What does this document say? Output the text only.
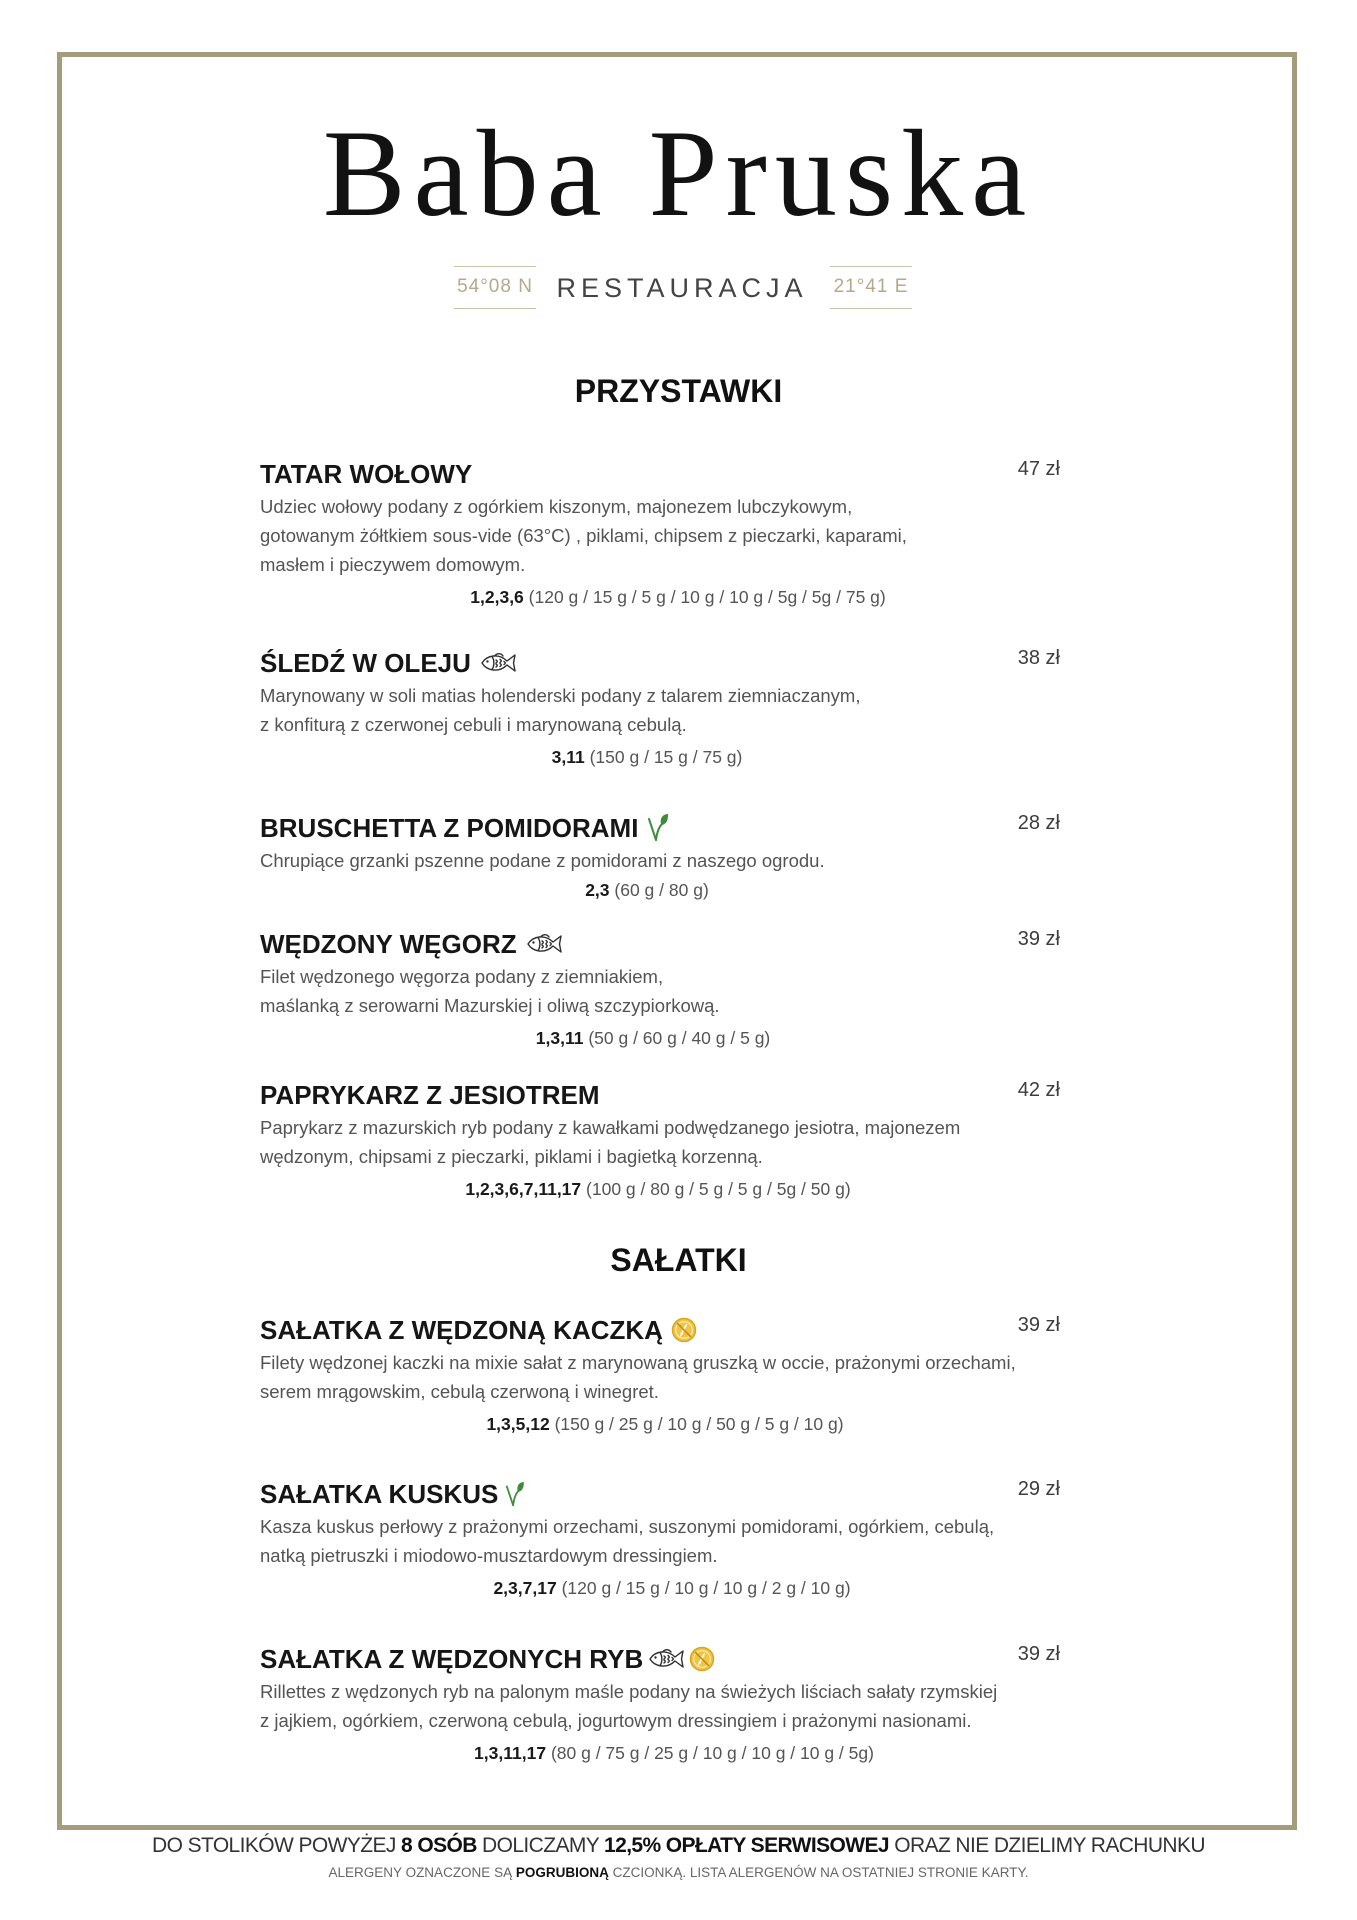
Baba Pruska
54°08 N RESTAURACJA	21°41 E
PRZYSTAWKI
TATAR WOŁOWY	47 zł
Udziec wołowy podany z ogórkiem kiszonym, majonezem lubczykowym,
gotowanym żółtkiem sous-vide (63°C) , piklami, chipsem z pieczarki, kaparami,
masłem i pieczywem domowym.
1,2,3,6 (120 g / 15 g / 5 g / 10 g / 10 g / 5g / 5g / 75 g)
ŚLEDŹ W OLEJU	38 zł
Marynowany w soli matias holenderski podany z talarem ziemniaczanym,
z konfiturą z czerwonej cebuli i marynowaną cebulą.
3,11 (150 g / 15 g / 75 g)
BRUSCHETTA Z POMIDORAMI	28 zł
Chrupiące grzanki pszenne podane z pomidorami z naszego ogrodu.
2,3 (60 g / 80 g)
WĘDZONY WĘGORZ	39 zł
Filet wędzonego węgorza podany z ziemniakiem,
maślanką z serowarni Mazurskiej i oliwą szczypiorkową.
1,3,11 (50 g / 60 g / 40 g / 5 g)
PAPRYKARZ Z JESIOTREM	42 zł
Paprykarz z mazurskich ryb podany z kawałkami podwędzanego jesiotra, majonezem
wędzonym, chipsami z pieczarki, piklami i bagietką korzenną.
1,2,3,6,7,11,17 (100 g / 80 g / 5 g / 5 g / 5g / 50 g)
SAŁATKI
SAŁATKA Z WĘDZONĄ KACZKĄ	39 zł
Filety wędzonej kaczki na mixie sałat z marynowaną gruszką w occie, prażonymi orzechami,
serem mrągowskim, cebulą czerwoną i winegret.
1,3,5,12 (150 g / 25 g / 10 g / 50 g / 5 g / 10 g)
SAŁATKA KUSKUS	29 zł
Kasza kuskus perłowy z prażonymi orzechami, suszonymi pomidorami, ogórkiem, cebulą,
natką pietruszki i miodowo-musztardowym dressingiem.
2,3,7,17 (120 g / 15 g / 10 g / 10 g / 2 g / 10 g)
SAŁATKA Z WĘDZONYCH RYB	39 zł
Rillettes z wędzonych ryb na palonym maśle podany na świeżych liściach sałaty rzymskiej
z jajkiem, ogórkiem, czerwoną cebulą, jogurtowym dressingiem i prażonymi nasionami.
1,3,11,17 (80 g / 75 g / 25 g / 10 g / 10 g / 10 g / 5g)
DO STOLIKÓW POWYŻEJ 8 OSÓB DOLICZAMY 12,5% OPŁATY SERWISOWEJ ORAZ NIE DZIELIMY RACHUNKU
ALERGENY OZNACZONE SĄ POGRUBIONĄ CZCIONKĄ. LISTA ALERGENÓW NA OSTATNIEJ STRONIE KARTY.
